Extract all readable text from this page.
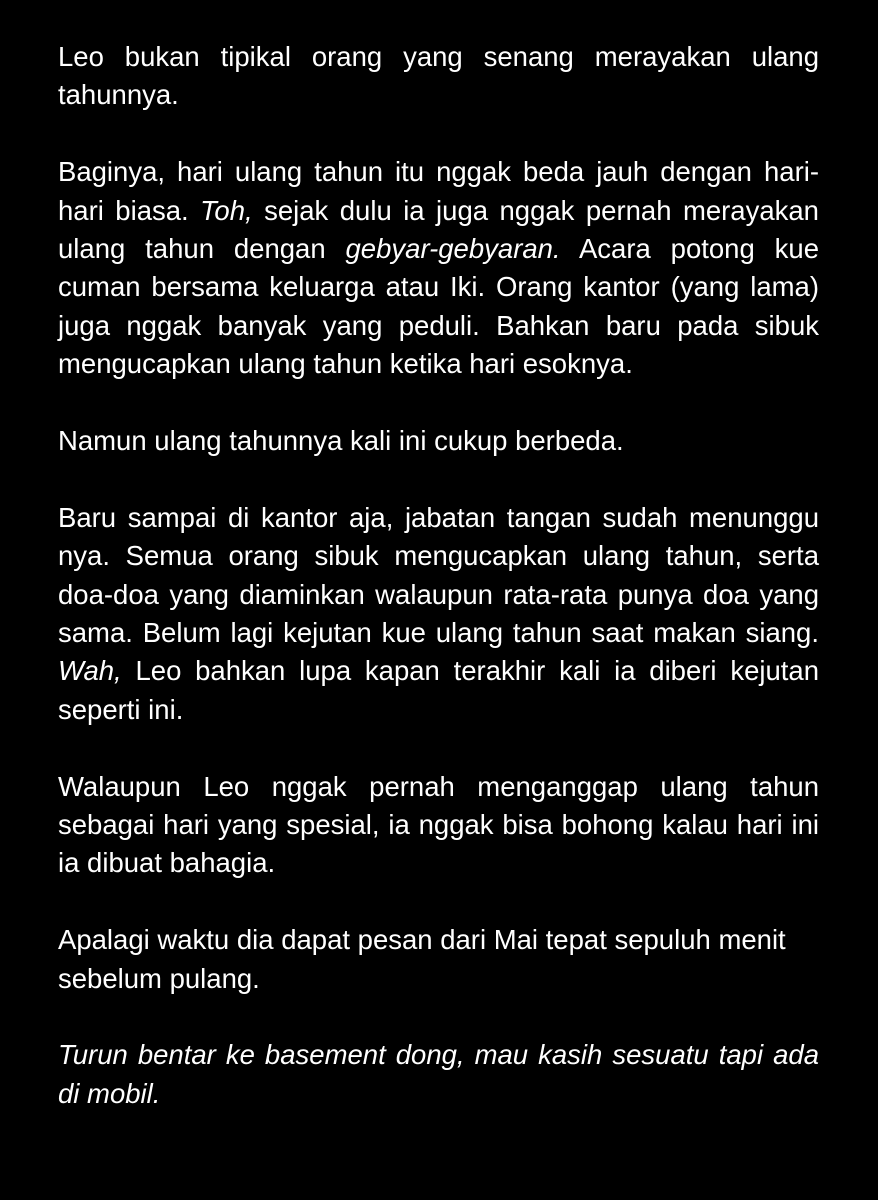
Leo bukan tipikal orang yang senang merayakan ulang tahunnya.

Baginya, hari ulang tahun itu nggak beda jauh dengan hari-hari biasa. Toh, sejak dulu ia juga nggak pernah merayakan ulang tahun dengan gebyar-gebyaran. Acara potong kue cuman bersama keluarga atau Iki. Orang kantor (yang lama) juga nggak banyak yang peduli. Bahkan baru pada sibuk mengucapkan ulang tahun ketika hari esoknya.

Namun ulang tahunnya kali ini cukup berbeda.

Baru sampai di kantor aja, jabatan tangan sudah menunggu nya. Semua orang sibuk mengucapkan ulang tahun, serta doa-doa yang diaminkan walaupun rata-rata punya doa yang sama. Belum lagi kejutan kue ulang tahun saat makan siang. Wah, Leo bahkan lupa kapan terakhir kali ia diberi kejutan seperti ini.

Walaupun Leo nggak pernah menganggap ulang tahun sebagai hari yang spesial, ia nggak bisa bohong kalau hari ini ia dibuat bahagia.

Apalagi waktu dia dapat pesan dari Mai tepat sepuluh menit sebelum pulang.

Turun bentar ke basement dong, mau kasih sesuatu tapi ada di mobil.
